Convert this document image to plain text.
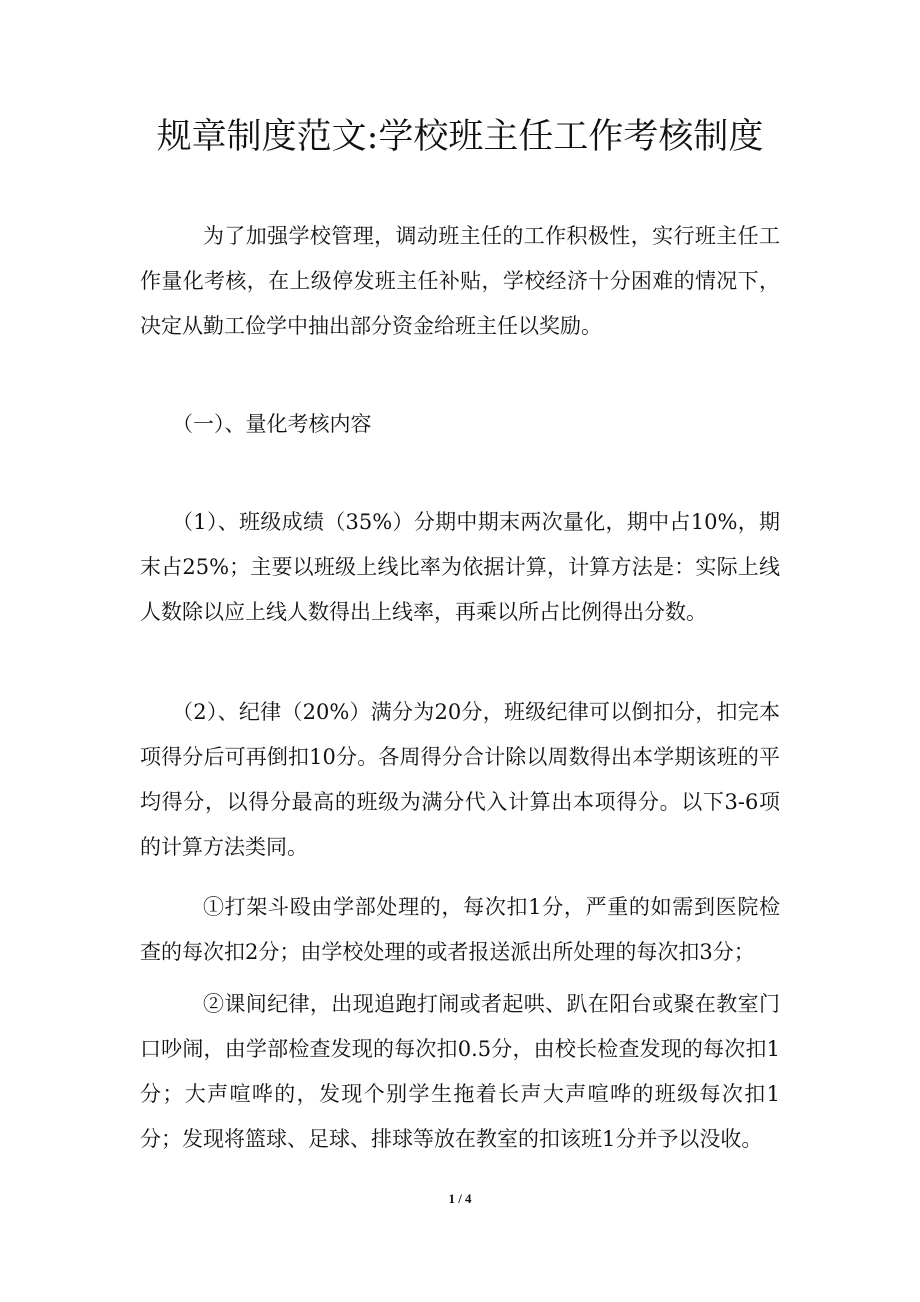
规章制度范文:学校班主任工作考核制度

为了加强学校管理，调动班主任的工作积极性，实行班主任工作量化考核，在上级停发班主任补贴，学校经济十分困难的情况下，决定从勤工俭学中抽出部分资金给班主任以奖励。

（一）、量化考核内容

（1）、班级成绩（35%）分期中期末两次量化，期中占10%，期末占25%；主要以班级上线比率为依据计算，计算方法是：实际上线人数除以应上线人数得出上线率，再乘以所占比例得出分数。

（2）、纪律（20%）满分为20分，班级纪律可以倒扣分，扣完本项得分后可再倒扣10分。各周得分合计除以周数得出本学期该班的平均得分，以得分最高的班级为满分代入计算出本项得分。以下3-6项的计算方法类同。

①打架斗殴由学部处理的，每次扣1分，严重的如需到医院检查的每次扣2分；由学校处理的或者报送派出所处理的每次扣3分；

②课间纪律，出现追跑打闹或者起哄、趴在阳台或聚在教室门口吵闹，由学部检查发现的每次扣0.5分，由校长检查发现的每次扣1分；大声喧哗的，发现个别学生拖着长声大声喧哗的班级每次扣1分；发现将篮球、足球、排球等放在教室的扣该班1分并予以没收。

1 / 4
